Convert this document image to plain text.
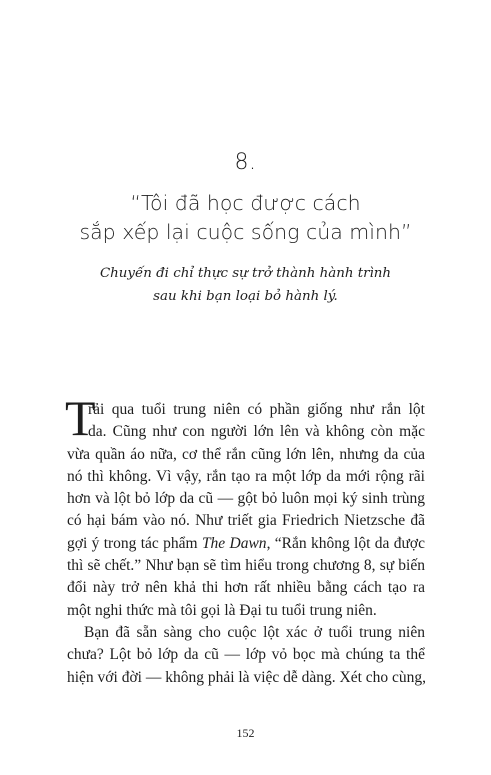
8.
“Tôi đã học được cách
sắp xếp lại cuộc sống của mình”
Chuyến đi chỉ thực sự trở thành hành trình
sau khi bạn loại bỏ hành lý.
T
rải qua tuổi trung niên có phần giống như rắn lột
da. Cũng như con người lớn lên và không còn mặc
vừa quần áo nữa, cơ thể rắn cũng lớn lên, nhưng da của
nó thì không. Vì vậy, rắn tạo ra một lớp da mới rộng rãi
hơn và lột bỏ lớp da cũ — gột bỏ luôn mọi ký sinh trùng
có hại bám vào nó. Như triết gia Friedrich Nietzsche đã
gợi ý trong tác phẩm The Dawn, “Rắn không lột da được
thì sẽ chết.” Như bạn sẽ tìm hiểu trong chương 8, sự biến
đổi này trở nên khả thi hơn rất nhiều bằng cách tạo ra
một nghi thức mà tôi gọi là Đại tu tuổi trung niên.
Bạn đã sẵn sàng cho cuộc lột xác ở tuổi trung niên
chưa? Lột bỏ lớp da cũ — lớp vỏ bọc mà chúng ta thể
hiện với đời — không phải là việc dễ dàng. Xét cho cùng,
152
